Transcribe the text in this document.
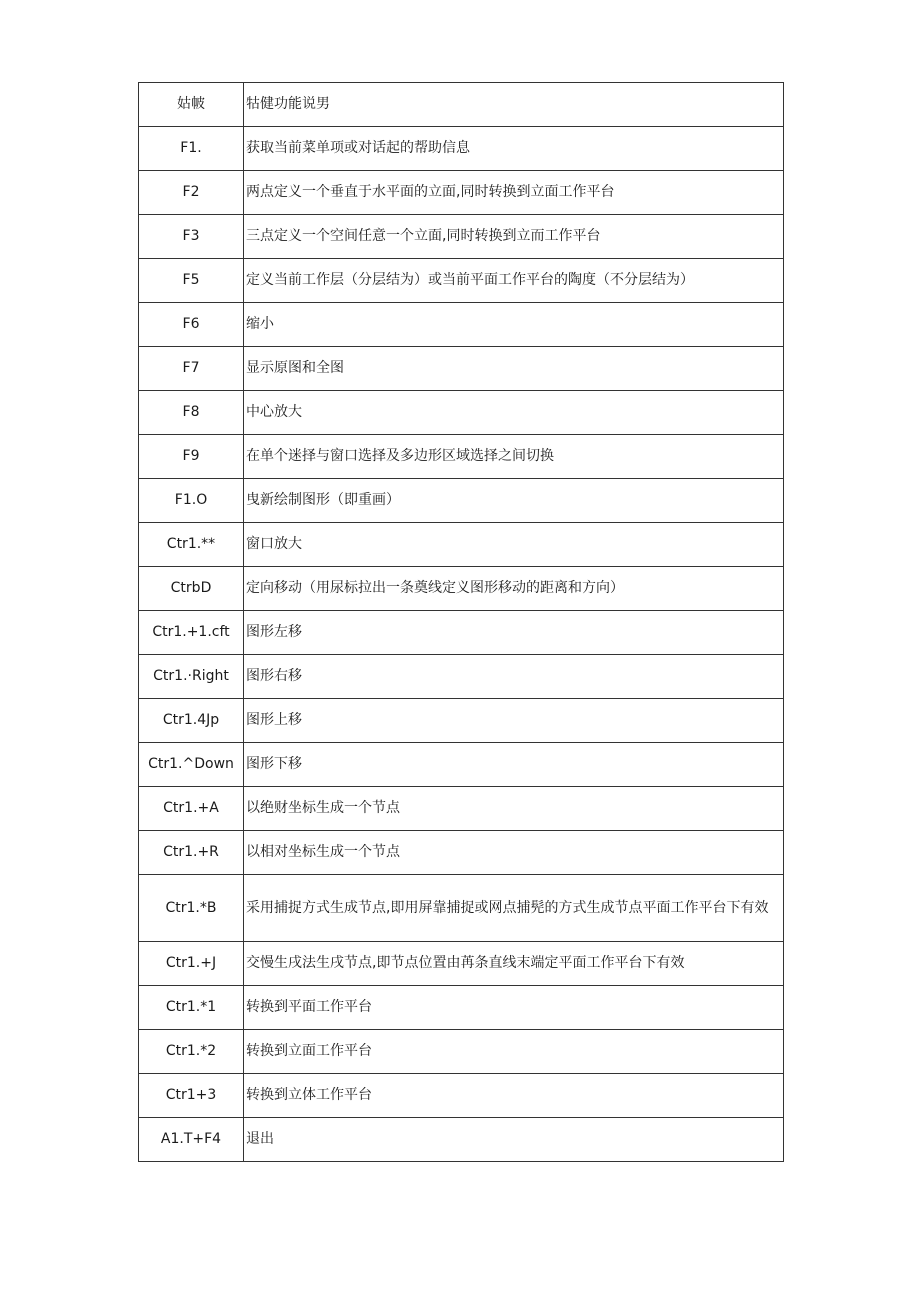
姑帔	牯健功能说男
F1.	获取当前菜单项或对话起的帮助信息
F2	两点定义一个垂直于水平面的立面,同时转换到立面工作平台
F3	三点定义一个空间任意一个立面,同时转换到立而工作平台
F5	定义当前工作层（分层结为）或当前平面工作平台的陶度（不分层结为）
F6	缩小
F7	显示原图和全图
F8	中心放大
F9	在单个迷择与窗口选择及多边形区域选择之间切换
F1.O	曳新绘制图形（即重画）
Ctr1.**	窗口放大
CtrbD	定向移动（用尿标拉出一条奠线定义图形移动的距离和方向）
Ctr1.+1.cft	图形左移
Ctr1.·Right	图形右移
Ctr1.4Jp	图形上移
Ctr1.^Down	图形下移
Ctr1.+A	以绝财坐标生成一个节点
Ctr1.+R	以相对坐标生成一个节点
Ctr1.*B	采用捕捉方式生成节点,即用屏靠捕捉或网点捕髡的方式生成节点平面工作平台下有效
Ctr1.+J	交慢生戌法生戌节点,即节点位置由苒条直线末端定平面工作平台下有效
Ctr1.*1	转换到平面工作平台
Ctr1.*2	转换到立面工作平台
Ctr1+3	转换到立体工作平台
A1.T+F4	退出
